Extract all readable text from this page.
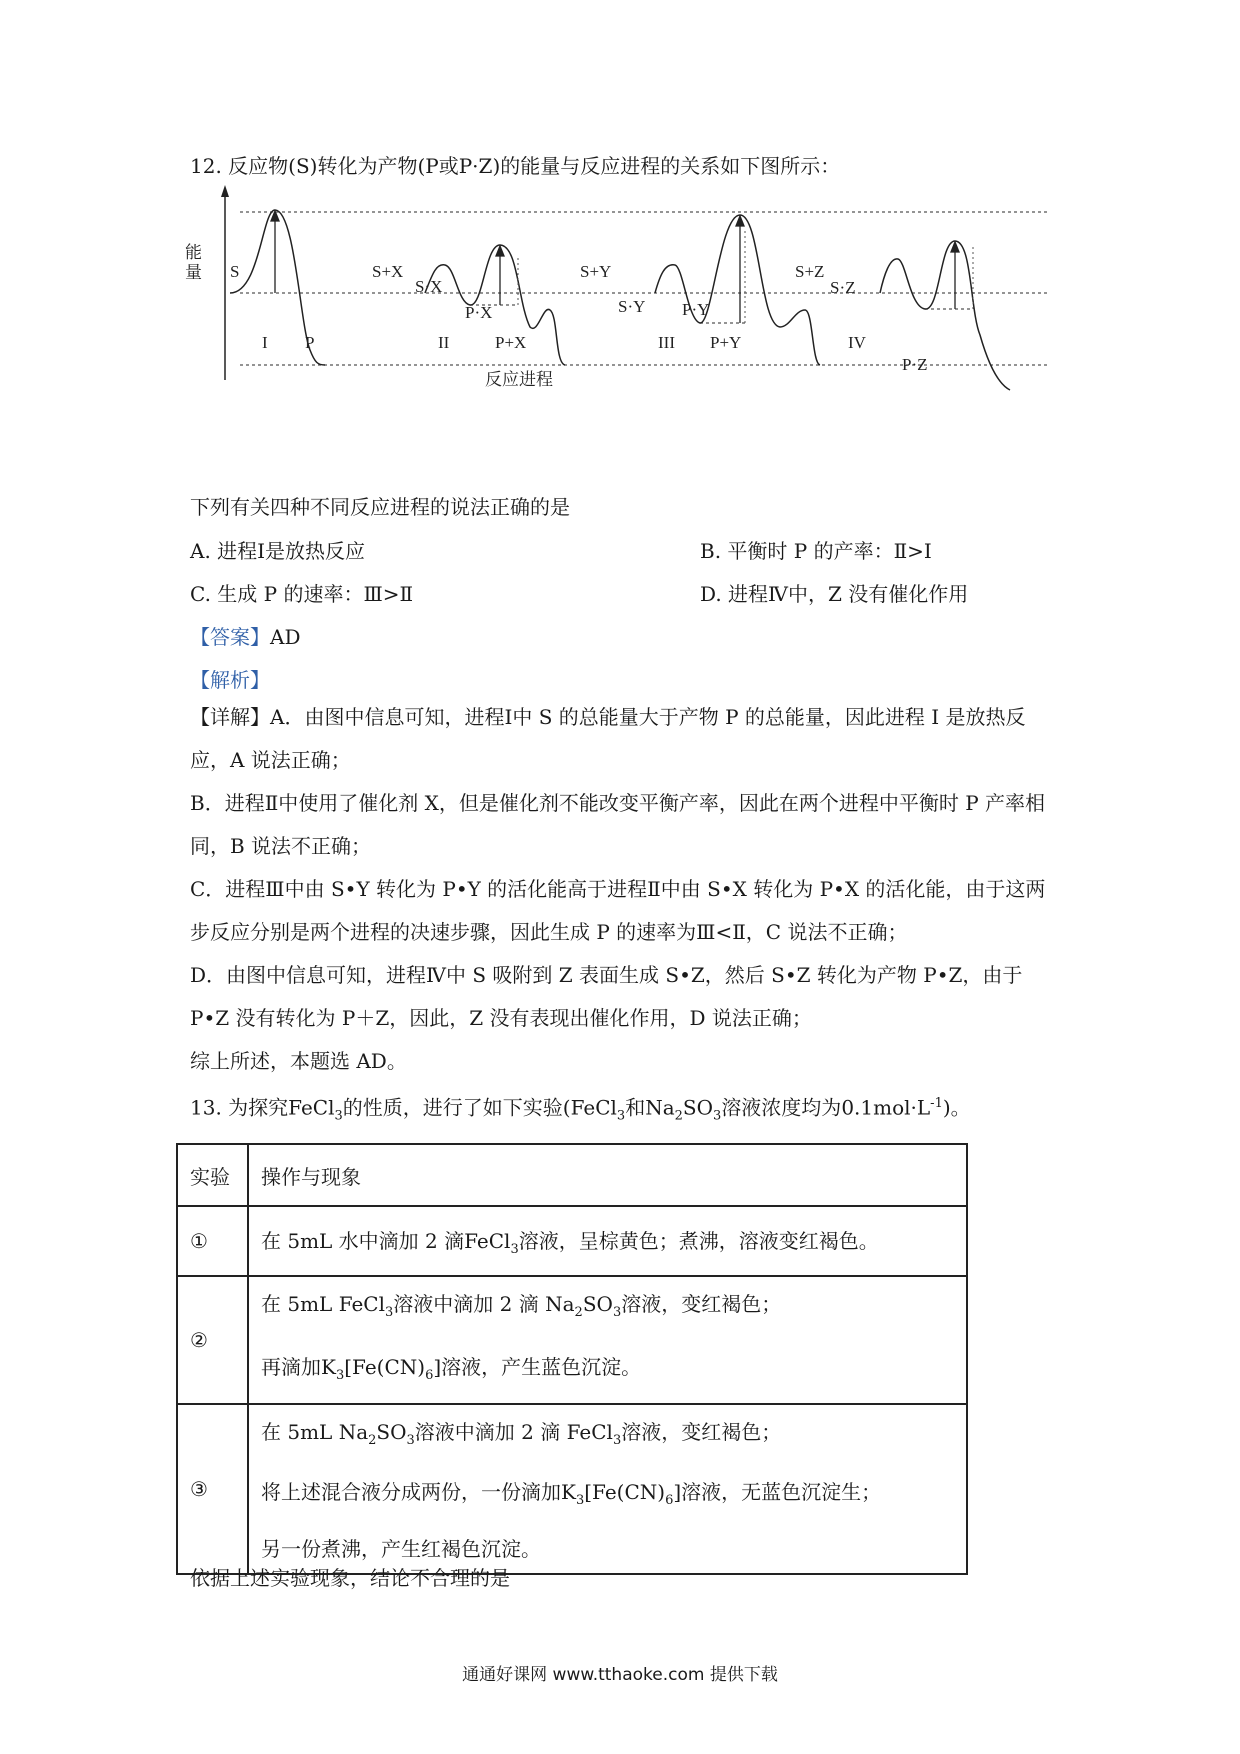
12. 反应物(S)转化为产物(P或P·Z)的能量与反应进程的关系如下图所示：
能
量 S
I P
S+X
S·X
P·X
II	P+X
S+Y
S·Y P·Y
III P+Y
S+Z
S·Z
IV
P·Z
反应进程
下列有关四种不同反应进程的说法正确的是
A. 进程Ⅰ是放热反应	B. 平衡时 P 的产率：Ⅱ>Ⅰ
C. 生成 P 的速率：Ⅲ>Ⅱ	D. 进程Ⅳ中，Z 没有催化作用
【答案】AD
【解析】
【详解】A．由图中信息可知，进程Ⅰ中 S 的总能量大于产物 P 的总能量，因此进程 I 是放热反应，A 说法正确；
B．进程Ⅱ中使用了催化剂 X，但是催化剂不能改变平衡产率，因此在两个进程中平衡时 P 产率相同，B 说法不正确；
C．进程Ⅲ中由 S•Y 转化为 P•Y 的活化能高于进程Ⅱ中由 S•X 转化为 P•X 的活化能，由于这两步反应分别是两个进程的决速步骤，因此生成 P 的速率为Ⅲ<Ⅱ，C 说法不正确；
D．由图中信息可知，进程Ⅳ中 S 吸附到 Z 表面生成 S•Z，然后 S•Z 转化为产物 P•Z，由于 P•Z 没有转化为 P＋Z，因此，Z 没有表现出催化作用，D 说法正确；
综上所述，本题选 AD。
13. 为探究FeCl$_3$的性质，进行了如下实验(FeCl$_3$和$Na_2SO_3$溶液浓度均为$0.1mol\cdot L^{-1}$)。
实验	操作与现象
①	在 5mL 水中滴加 2 滴FeCl$_3$溶液，呈棕黄色；煮沸，溶液变红褐色。
②	在 5mL FeCl$_3$溶液中滴加 2 滴 $Na_2SO_3$溶液，变红褐色；
再滴加$K_3[Fe(CN)_6]$溶液，产生蓝色沉淀。

③	在 5mL $Na_2SO_3$溶液中滴加 2 滴 FeCl$_3$溶液，变红褐色；
将上述混合液分成两份，一份滴加$K_3[Fe(CN)_6]$溶液，无蓝色沉淀生；
另一份煮沸，产生红褐色沉淀。
依据上述实验现象，结论不合理的是
通通好课网 www.tthaoke.com 提供下载
